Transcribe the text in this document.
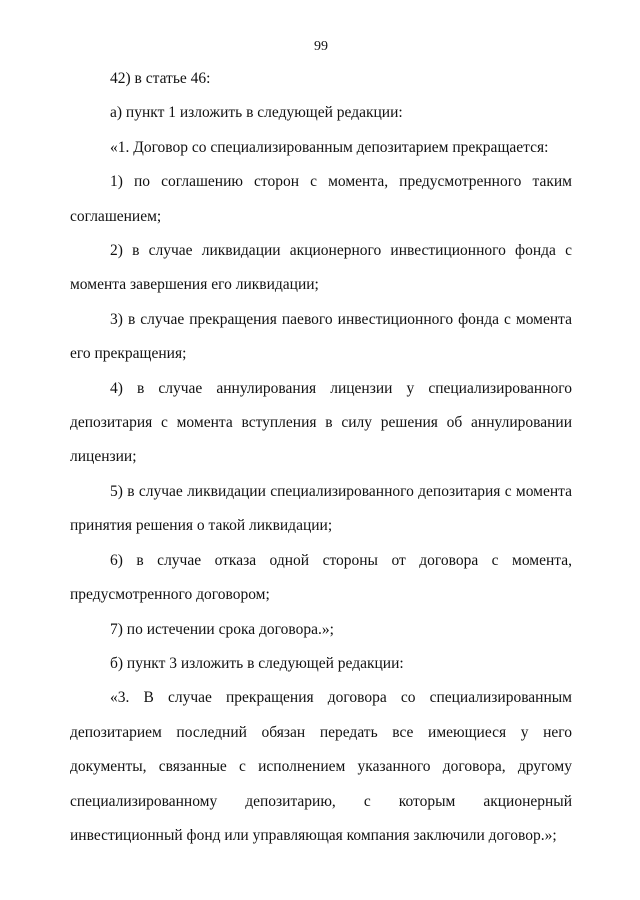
99

42) в статье 46:

а) пункт 1 изложить в следующей редакции:

«1. Договор со специализированным депозитарием прекращается:

1) по соглашению сторон с момента, предусмотренного таким соглашением;

2) в случае ликвидации акционерного инвестиционного фонда с момента завершения его ликвидации;

3) в случае прекращения паевого инвестиционного фонда с момента его прекращения;

4) в случае аннулирования лицензии у специализированного депозитария с момента вступления в силу решения об аннулировании лицензии;

5) в случае ликвидации специализированного депозитария с момента принятия решения о такой ликвидации;

6) в случае отказа одной стороны от договора с момента, предусмотренного договором;

7) по истечении срока договора.»;

б) пункт 3 изложить в следующей редакции:

«3. В случае прекращения договора со специализированным депозитарием последний обязан передать все имеющиеся у него документы, связанные с исполнением указанного договора, другому специализированному депозитарию, с которым акционерный инвестиционный фонд или управляющая компания заключили договор.»;
